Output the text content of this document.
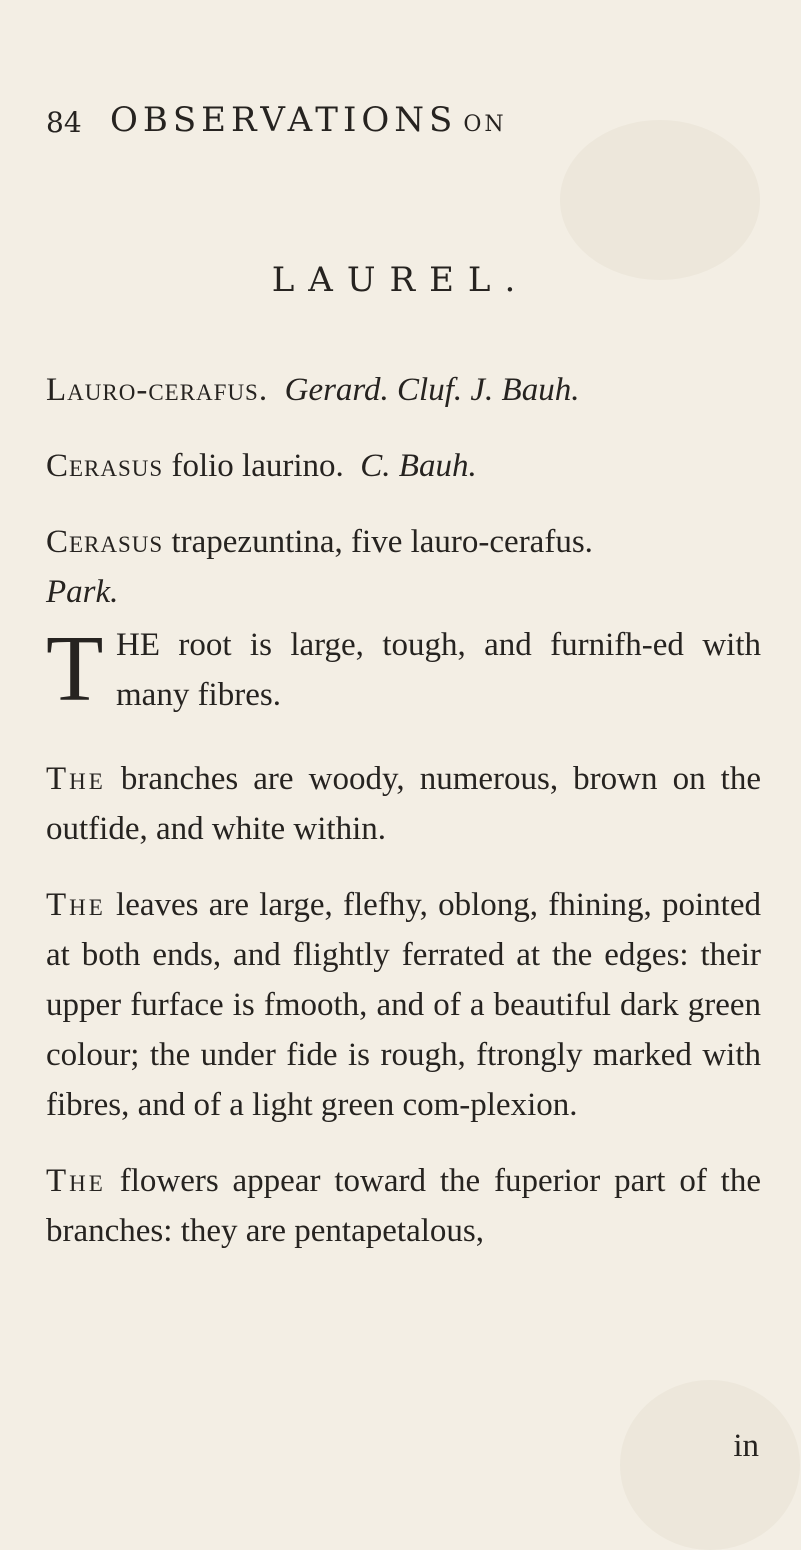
84 OBSERVATIONS ON
LAUREL.

Lauro-cerafus. Gerard. Cluf. J. Bauh.

Cerasus folio laurino. C. Bauh.

Cerasus trapezuntina, five lauro-cerafus.
Park.

T HE root is large, tough, and furnifh-ed with many fibres.

The branches are woody, numerous, brown on the outfide, and white within.

The leaves are large, flefhy, oblong, fhining, pointed at both ends, and flightly ferrated at the edges: their upper furface is fmooth, and of a beautiful dark green colour; the under fide is rough, ftrongly marked with fibres, and of a light green com-plexion.

The flowers appear toward the fuperior part of the branches: they are pentapetalous,

in
